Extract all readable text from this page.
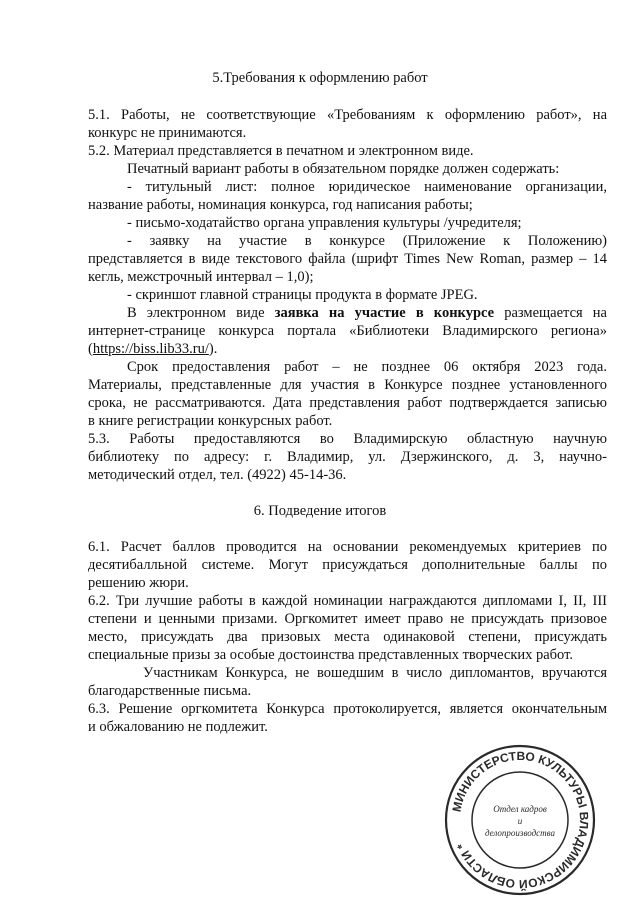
5.Требования к оформлению работ
5.1. Работы, не соответствующие «Требованиям к оформлению работ», на
конкурс не принимаются.
5.2. Материал представляется в печатном и электронном виде.
Печатный вариант работы в обязательном порядке должен содержать:
- титульный лист: полное юридическое наименование организации,
название работы, номинация конкурса, год написания работы;
- письмо-ходатайство органа управления культуры /учредителя;
- заявку на участие в конкурсе (Приложение к Положению)
представляется в виде текстового файла (шрифт Times New Roman, размер – 14
кегль, межстрочный интервал – 1,0);
- скриншот главной страницы продукта в формате JPEG.
В электронном виде заявка на участие в конкурсе размещается на
интернет-странице конкурса портала «Библиотеки Владимирского региона»
(https://biss.lib33.ru/).
Срок предоставления работ – не позднее 06 октября 2023 года.
Материалы, представленные для участия в Конкурсе позднее установленного
срока, не рассматриваются. Дата представления работ подтверждается записью
в книге регистрации конкурсных работ.
5.3. Работы предоставляются во Владимирскую областную научную
библиотеку по адресу: г. Владимир, ул. Дзержинского, д. 3, научно-
методический отдел, тел. (4922) 45-14-36.
6. Подведение итогов
6.1. Расчет баллов проводится на основании рекомендуемых критериев по
десятибалльной системе. Могут присуждаться дополнительные баллы по
решению жюри.
6.2. Три лучшие работы в каждой номинации награждаются дипломами I, II, III
степени и ценными призами. Оргкомитет имеет право не присуждать призовое
место, присуждать два призовых места одинаковой степени, присуждать
специальные призы за особые достоинства представленных творческих работ.
Участникам Конкурса, не вошедшим в число дипломантов, вручаются
благодарственные письма.
6.3. Решение оргкомитета Конкурса протоколируется, является окончательным
и обжалованию не подлежит.
МИНИСТЕРСТВО КУЛЬТУРЫ ВЛАДИМИРСКОЙ ОБЛАСТИ *
Отдел кадров
и
делопроизводства
